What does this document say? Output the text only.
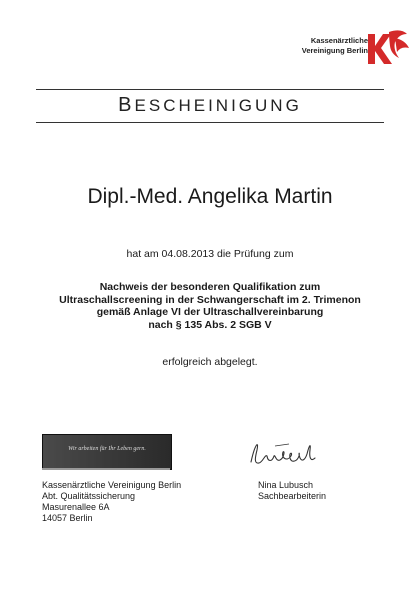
Kassenärztliche
Vereinigung Berlin
BESCHEINIGUNG
Dipl.-Med. Angelika Martin
hat am 04.08.2013 die Prüfung zum
Nachweis der besonderen Qualifikation zum
Ultraschallscreening in der Schwangerschaft im 2. Trimenon
gemäß Anlage VI der Ultraschallvereinbarung
nach § 135 Abs. 2 SGB V
erfolgreich abgelegt.
Wir arbeiten für Ihr Leben gern.
Kassenärztliche Vereinigung Berlin
Abt. Qualitätssicherung
Masurenallee 6A
14057 Berlin
Nina Lubusch
Sachbearbeiterin
